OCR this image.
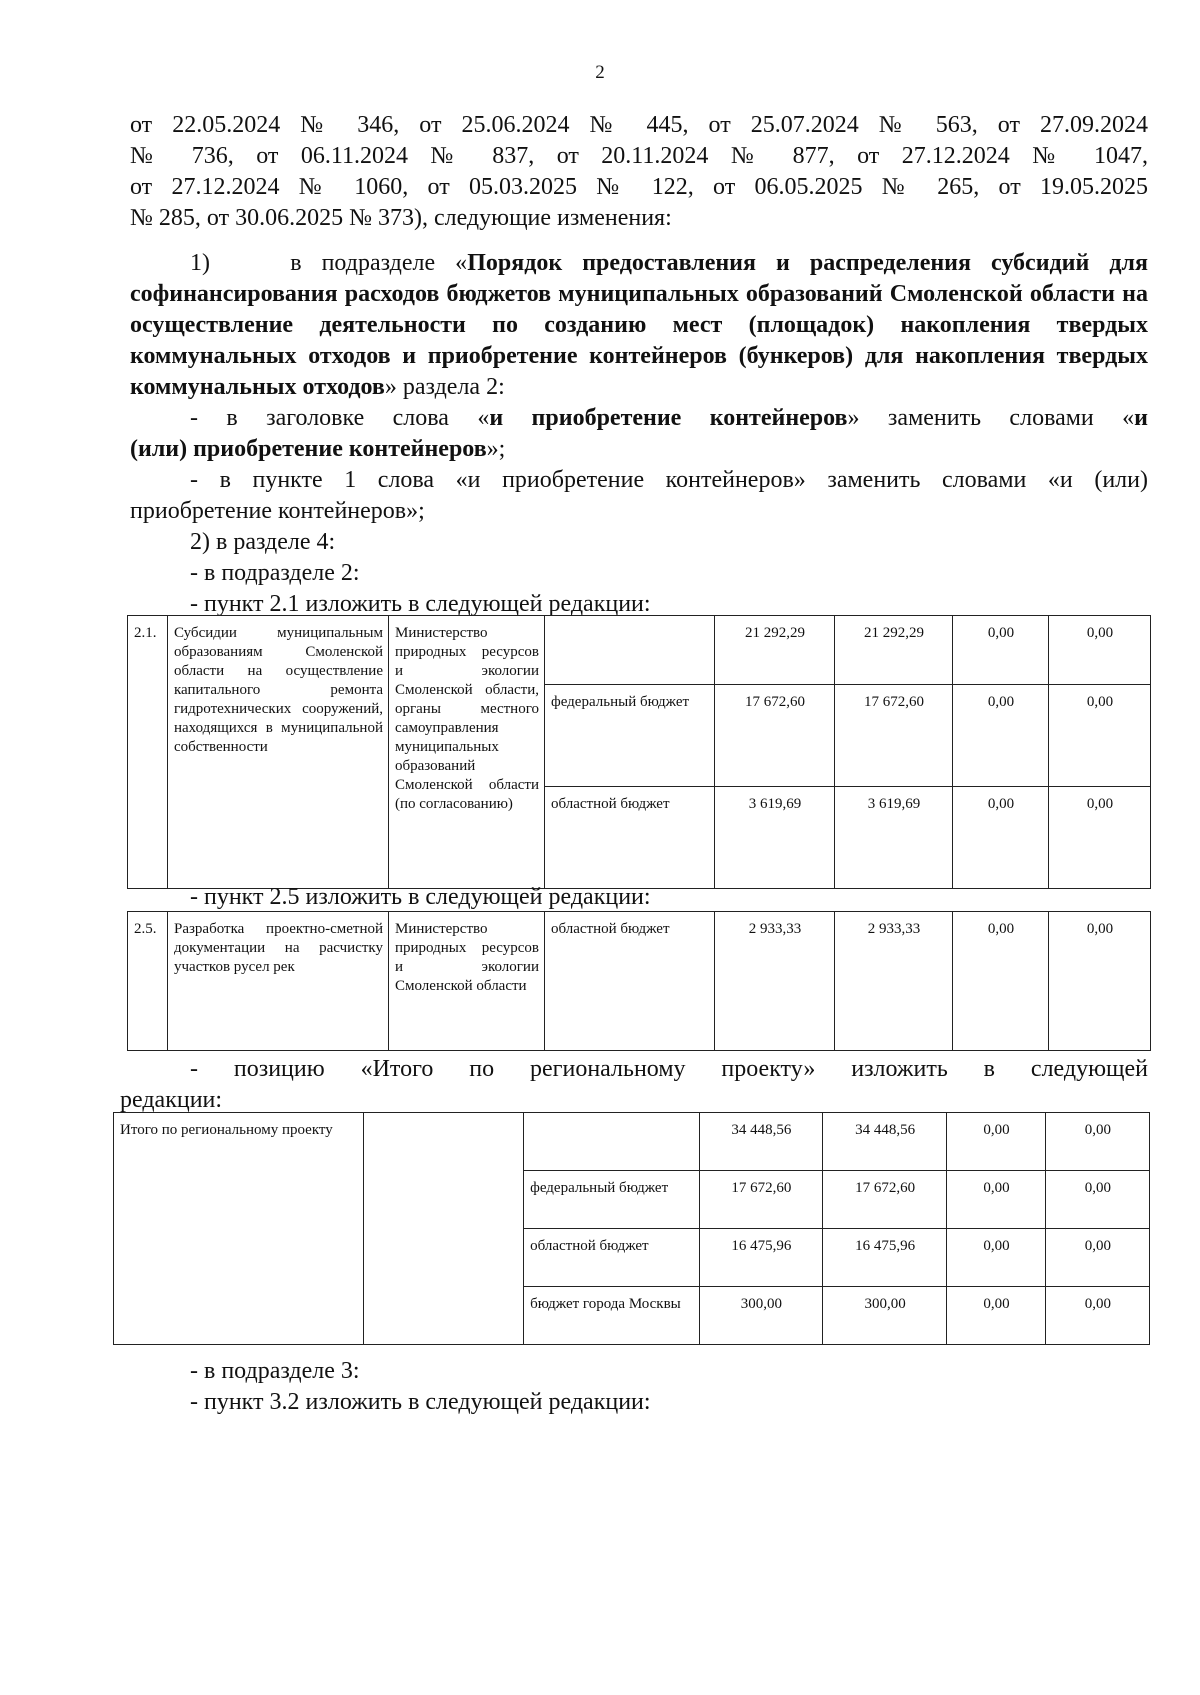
2
от 22.05.2024 № 346, от 25.06.2024 № 445, от 25.07.2024 № 563, от 27.09.2024
№ 736, от 06.11.2024 № 837, от 20.11.2024 № 877, от 27.12.2024 № 1047,
от 27.12.2024 № 1060, от 05.03.2025 № 122, от 06.05.2025 № 265, от 19.05.2025
№ 285, от 30.06.2025 № 373), следующие изменения:
1)    в подразделе «Порядок предоставления и распределения субсидий для софинансирования расходов бюджетов муниципальных образований Смоленской области на осуществление деятельности по созданию мест (площадок) накопления твердых коммунальных отходов и приобретение контейнеров (бункеров) для накопления твердых коммунальных отходов» раздела 2:
- в заголовке слова «и приобретение контейнеров» заменить словами «и
(или) приобретение контейнеров»;
- в пункте 1 слова «и приобретение контейнеров» заменить словами «и (или)
приобретение контейнеров»;
2) в разделе 4:
- в подразделе 2:
- пункт 2.1 изложить в следующей редакции:
2.1.	Субсидии муниципальным образованиям Смоленской области на осуществление капитального ремонта гидротехнических сооружений, находящихся в муниципальной собственности	Министерство природных ресурсов и экологии Смоленской области, органы местного самоуправления муниципальных образований Смоленской области (по согласованию)		21 292,29	21 292,29	0,00	0,00
			федеральный бюджет	17 672,60	17 672,60	0,00	0,00
			областной бюджет	3 619,69	3 619,69	0,00	0,00
- пункт 2.5 изложить в следующей редакции:
2.5.	Разработка проектно-сметной документации на расчистку участков русел рек	Министерство природных ресурсов и экологии Смоленской области	областной бюджет	2 933,33	2 933,33	0,00	0,00
- позицию «Итого по региональному проекту» изложить в следующей
редакции:
Итого по региональному проекту			34 448,56	34 448,56	0,00	0,00
		федеральный бюджет	17 672,60	17 672,60	0,00	0,00
		областной бюджет	16 475,96	16 475,96	0,00	0,00
		бюджет города Москвы	300,00	300,00	0,00	0,00
- в подразделе 3:
- пункт 3.2 изложить в следующей редакции:
